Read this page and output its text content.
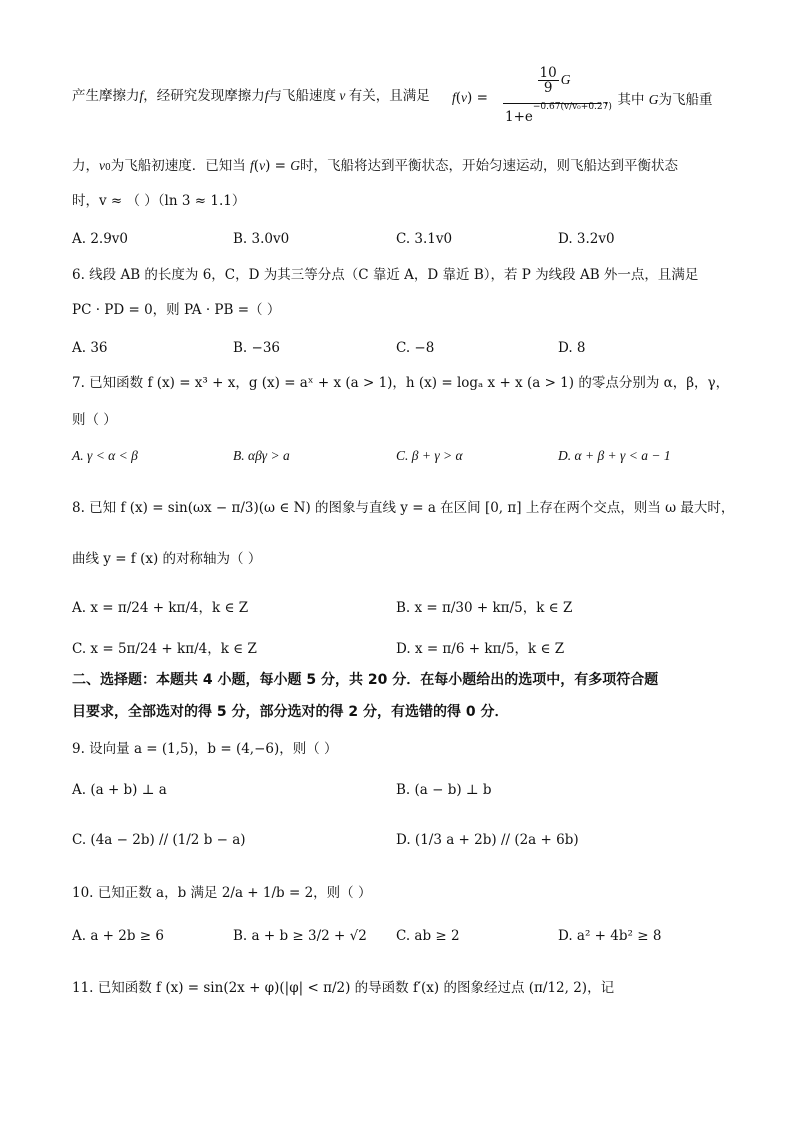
产生摩擦力f，经研究发现摩擦力f与飞船速度 v 有关，且满足 f(v) =
$\frac{10}{9}$ G
$1+e^{-0.67(v/v_0+0.27)}$
，其中 G为飞船重
力，v0为飞船初速度．已知当 f(v) = G时，飞船将达到平衡状态，开始匀速运动，则飞船达到平衡状态
时，v ≈ （ ）（ln 3 ≈ 1.1）
A. 2.9v0	B. 3.0v0	C. 3.1v0	D. 3.2v0
6. 线段 AB 的长度为 6，C，D 为其三等分点（C 靠近 A，D 靠近 B），若 P 为线段 AB 外一点，且满足
PC · PD = 0，则 PA · PB =（ ）
A. 36	B. −36	C. −8	D. 8
7. 已知函数 f (x) = x³ + x，g (x) = aˣ + x (a > 1)，h (x) = logₐ x + x (a > 1) 的零点分别为 α，β，γ，
则（ ）
A. γ < α < β	B. αβγ > a	C. β + γ > α	D. α + β + γ < a − 1
8. 已知 f (x) = sin(ωx − π/3)(ω ∈ N) 的图象与直线 y = a 在区间 [0, π] 上存在两个交点，则当 ω 最大时，
曲线 y = f (x) 的对称轴为（ ）
A. x = π/24 + kπ/4，k ∈ Z	B. x = π/30 + kπ/5，k ∈ Z
C. x = 5π/24 + kπ/4，k ∈ Z	D. x = π/6 + kπ/5，k ∈ Z
二、选择题：本题共 4 小题，每小题 5 分，共 20 分．在每小题给出的选项中，有多项符合题
目要求，全部选对的得 5 分，部分选对的得 2 分，有选错的得 0 分．
9. 设向量 a = (1,5)，b = (4,−6)，则（ ）
A. (a + b) ⊥ a	B. (a − b) ⊥ b
C. (4a − 2b) // (1/2 b − a)	D. (1/3 a + 2b) // (2a + 6b)
10. 已知正数 a，b 满足 2/a + 1/b = 2，则（ ）
A. a + 2b ≥ 6	B. a + b ≥ 3/2 + √2 C. ab ≥ 2	D. a² + 4b² ≥ 8
11. 已知函数 f (x) = sin(2x + φ)(|φ| < π/2) 的导函数 f′(x) 的图象经过点 (π/12, 2)，记
